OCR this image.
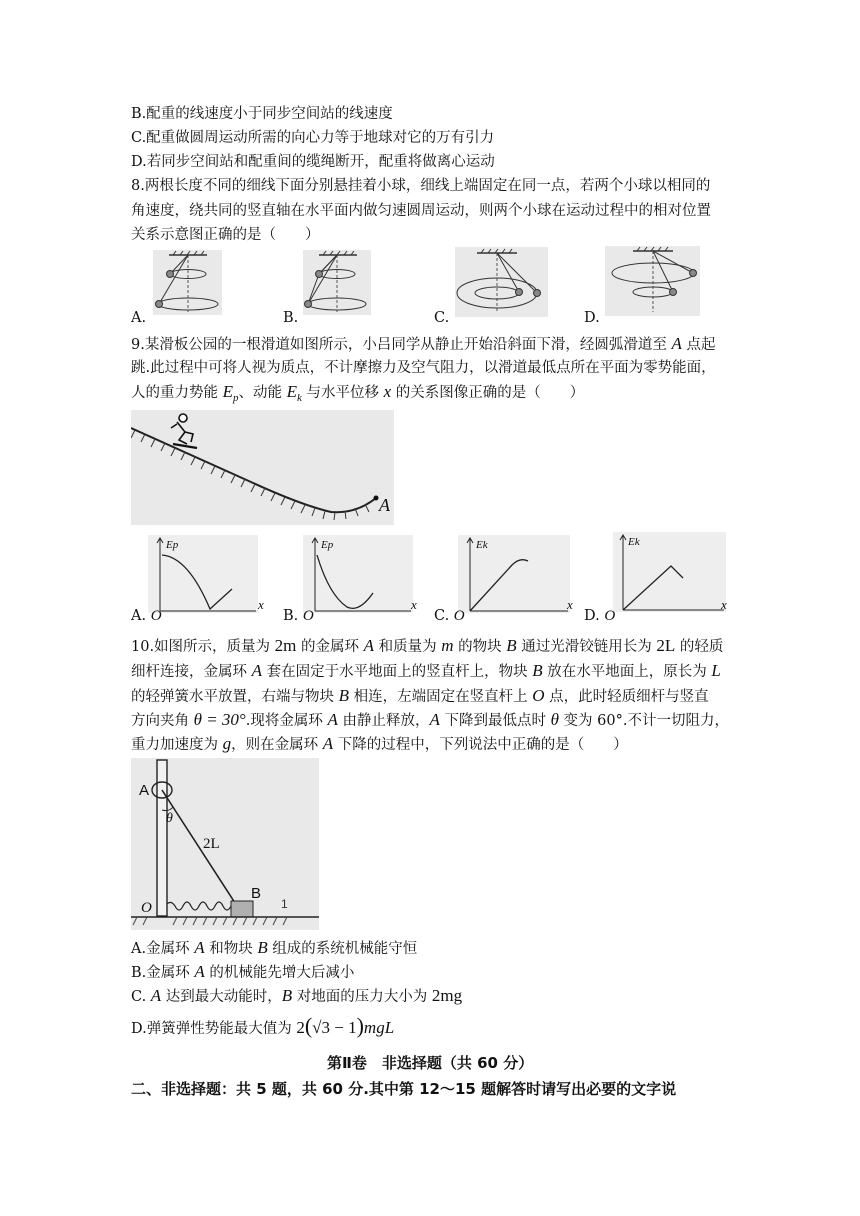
B.配重的线速度小于同步空间站的线速度
C.配重做圆周运动所需的向心力等于地球对它的万有引力
D.若同步空间站和配重间的缆绳断开，配重将做离心运动
8.两根长度不同的细线下面分别悬挂着小球，细线上端固定在同一点，若两个小球以相同的
角速度，绕共同的竖直轴在水平面内做匀速圆周运动，则两个小球在运动过程中的相对位置
关系示意图正确的是（　　）
A.	B.	C.	D.
9.某滑板公园的一根滑道如图所示，小吕同学从静止开始沿斜面下滑，经圆弧滑道至 A 点起
跳.此过程中可将人视为质点，不计摩擦力及空气阻力，以滑道最低点所在平面为零势能面，
人的重力势能 $E_p$、动能 $E_k$ 与水平位移 x 的关系图像正确的是（　　）
A
Ep	Ep	Ek	Ek
A. O
x
B. O
x
C. O
x
D. O
x
10.如图所示，质量为 2m 的金属环 A 和质量为 m 的物块 B 通过光滑铰链用长为 2L 的轻质
细杆连接，金属环 A 套在固定于水平地面上的竖直杆上，物块 B 放在水平地面上，原长为 L
的轻弹簧水平放置，右端与物块 B 相连，左端固定在竖直杆上 O 点，此时轻质细杆与竖直
方向夹角 θ = 30°.现将金属环 A 由静止释放，A 下降到最低点时 θ 变为 60°.不计一切阻力，
重力加速度为 g，则在金属环 A 下降的过程中，下列说法中正确的是（　　）
A
θ
2L
B
O	1
A.金属环 A 和物块 B 组成的系统机械能守恒
B.金属环 A 的机械能先增大后减小
C. A 达到最大动能时，B 对地面的压力大小为 2mg
D.弹簧弹性势能最大值为 2(√3 − 1)mgL
第Ⅱ卷　非选择题（共 60 分）
二、非选择题：共 5 题，共 60 分.其中第 12～15 题解答时请写出必要的文字说
